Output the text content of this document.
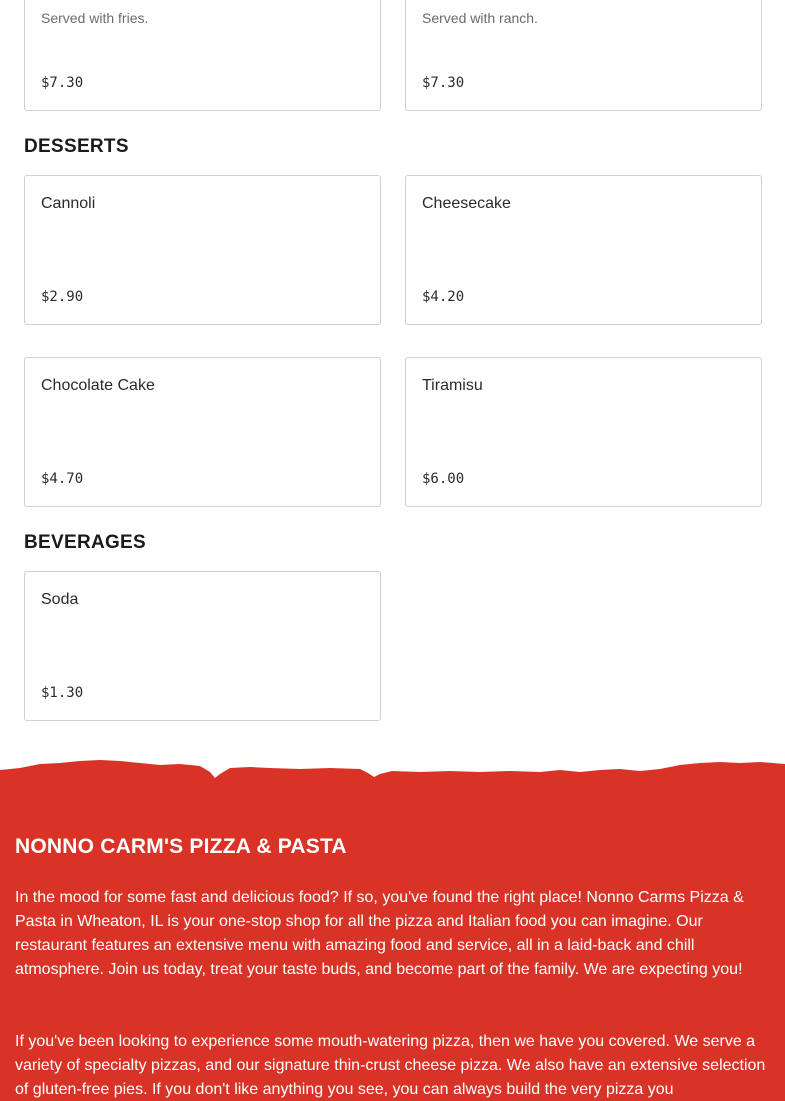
Served with fries.
$7.30
Served with ranch.
$7.30
DESSERTS
Cannoli
$2.90
Cheesecake
$4.20
Chocolate Cake
$4.70
Tiramisu
$6.00
BEVERAGES
Soda
$1.30
NONNO CARM'S PIZZA & PASTA

In the mood for some fast and delicious food? If so, you've found the right place! Nonno Carms Pizza & Pasta in Wheaton, IL is your one-stop shop for all the pizza and Italian food you can imagine. Our restaurant features an extensive menu with amazing food and service, all in a laid-back and chill atmosphere. Join us today, treat your taste buds, and become part of the family. We are expecting you!

If you've been looking to experience some mouth-watering pizza, then we have you covered. We serve a variety of specialty pizzas, and our signature thin-crust cheese pizza. We also have an extensive selection of gluten-free pies. If you don't like anything you see, you can always build the very pizza you
